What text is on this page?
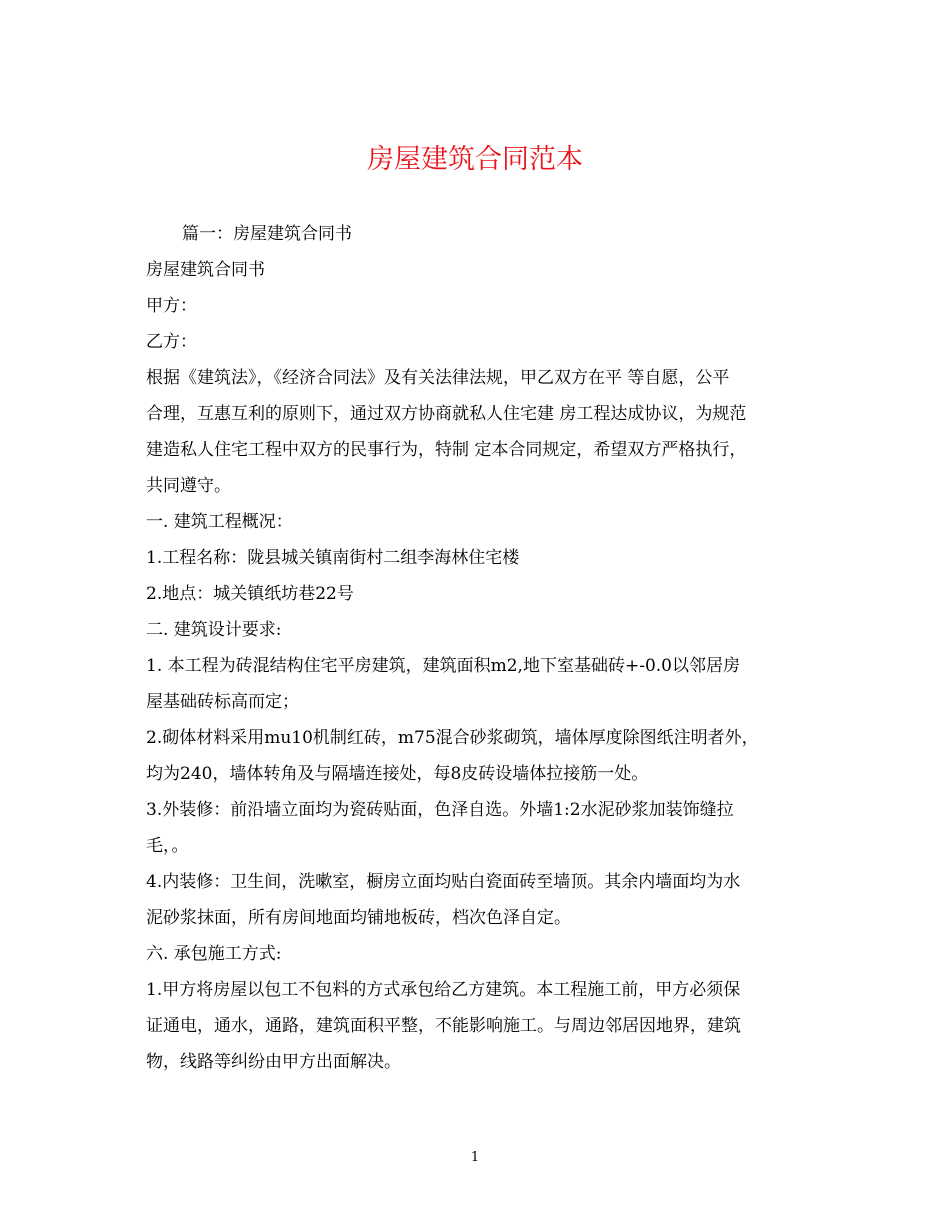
房屋建筑合同范本

篇一：房屋建筑合同书

房屋建筑合同书

甲方：

乙方：

根据《建筑法》，《经济合同法》及有关法律法规，甲乙双方在平 等自愿，公平

合理，互惠互利的原则下，通过双方协商就私人住宅建 房工程达成协议，为规范

建造私人住宅工程中双方的民事行为，特制 定本合同规定，希望双方严格执行，

共同遵守。

一. 建筑工程概况：

1.工程名称：陇县城关镇南街村二组李海林住宅楼

2.地点：城关镇纸坊巷22号

二. 建筑设计要求:

1. 本工程为砖混结构住宅平房建筑，建筑面积m2,地下室基础砖+-0.0以邻居房

屋基础砖标高而定；

2.砌体材料采用mu10机制红砖，m75混合砂浆砌筑，墙体厚度除图纸注明者外，

均为240，墙体转角及与隔墙连接处，每8皮砖设墙体拉接筋一处。

3.外装修：前沿墙立面均为瓷砖贴面，色泽自选。外墙1:2水泥砂浆加装饰缝拉

毛，。

4.内装修：卫生间，洗嗽室，橱房立面均贴白瓷面砖至墙顶。其余内墙面均为水

泥砂浆抹面，所有房间地面均铺地板砖，档次色泽自定。

六. 承包施工方式:

1.甲方将房屋以包工不包料的方式承包给乙方建筑。本工程施工前，甲方必须保

证通电，通水，通路，建筑面积平整，不能影响施工。与周边邻居因地界，建筑

物，线路等纠纷由甲方出面解决。

1
